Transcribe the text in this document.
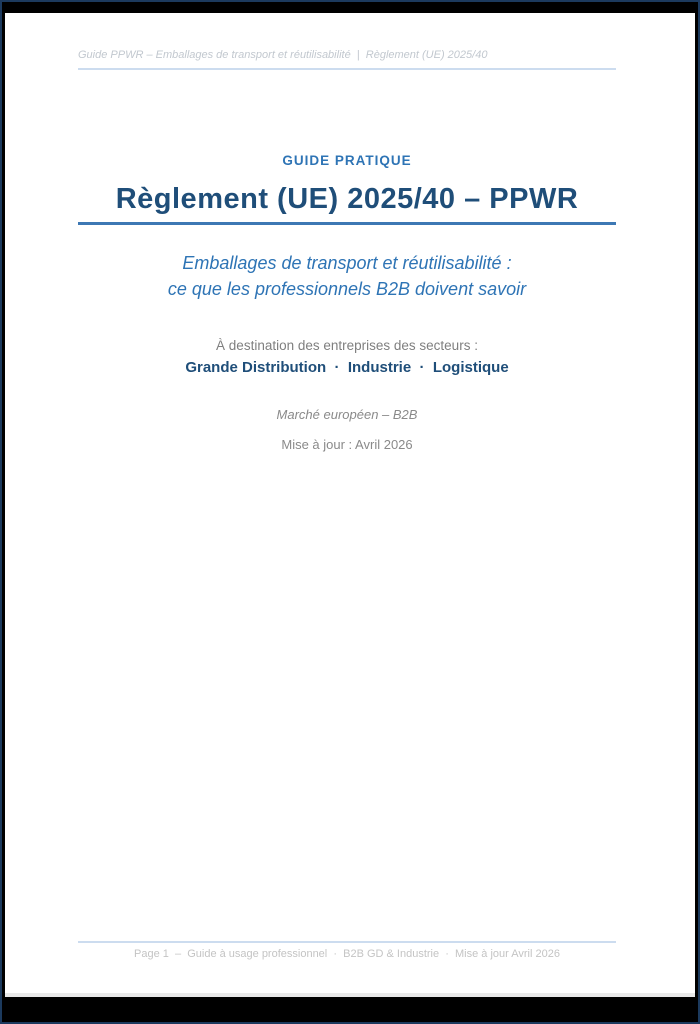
Guide PPWR – Emballages de transport et réutilisabilité  |  Règlement (UE) 2025/40
GUIDE PRATIQUE
Règlement (UE) 2025/40 – PPWR
Emballages de transport et réutilisabilité :
ce que les professionnels B2B doivent savoir
À destination des entreprises des secteurs :
Grande Distribution  ·  Industrie  ·  Logistique
Marché européen – B2B
Mise à jour : Avril 2026
Page 1  –  Guide à usage professionnel  ·  B2B GD & Industrie  ·  Mise à jour Avril 2026
